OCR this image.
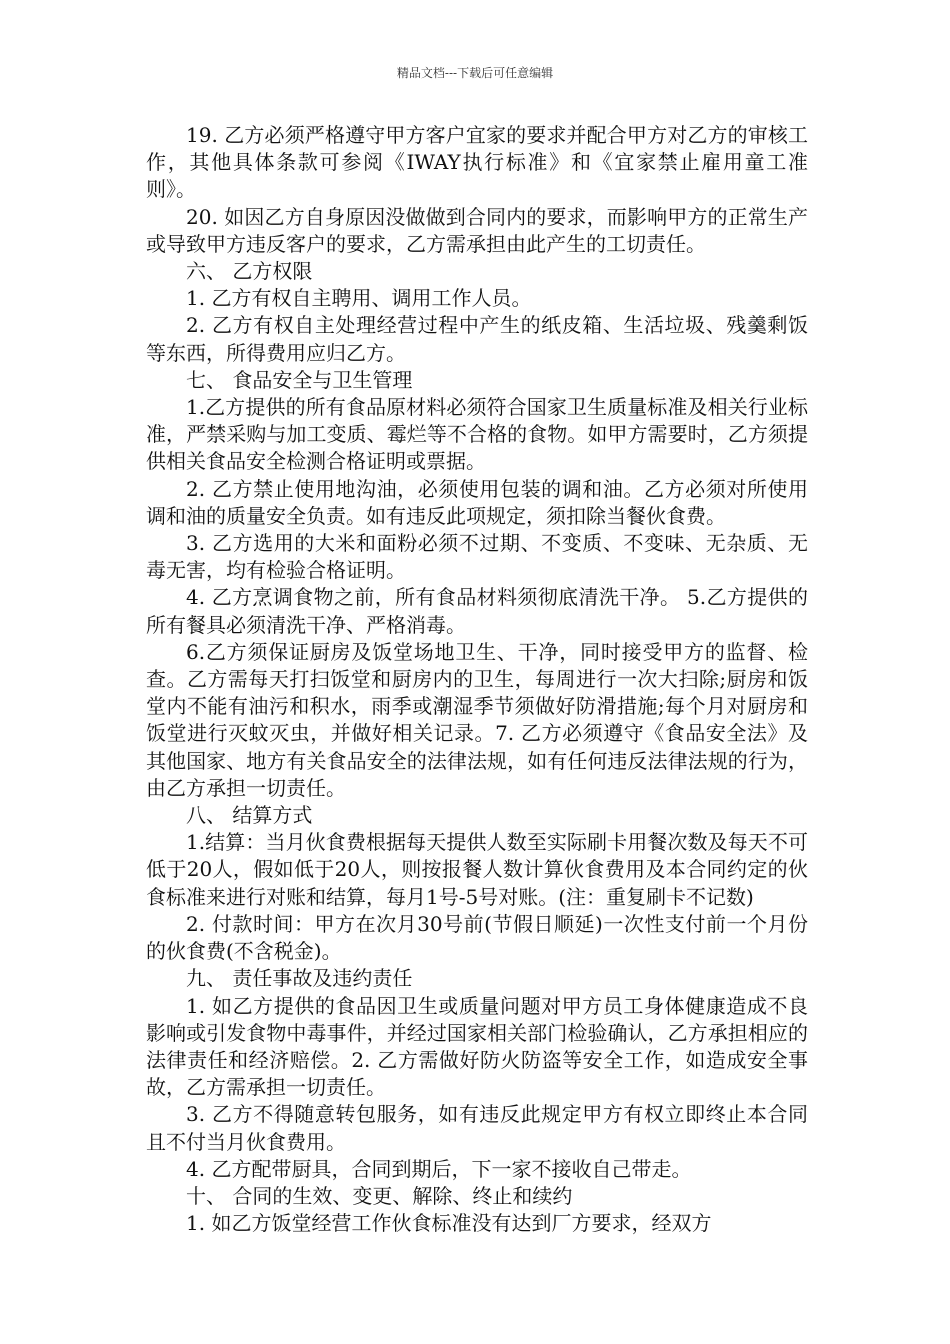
精品文档---下载后可任意编辑

19. 乙方必须严格遵守甲方客户宜家的要求并配合甲方对乙方的审核工作，其他具体条款可参阅《IWAY执行标准》和《宜家禁止雇用童工准则》。

20. 如因乙方自身原因没做做到合同内的要求，而影响甲方的正常生产或导致甲方违反客户的要求，乙方需承担由此产生的工切责任。

六、 乙方权限

1. 乙方有权自主聘用、调用工作人员。

2. 乙方有权自主处理经营过程中产生的纸皮箱、生活垃圾、残羹剩饭等东西，所得费用应归乙方。

七、 食品安全与卫生管理

1.乙方提供的所有食品原材料必须符合国家卫生质量标准及相关行业标准，严禁采购与加工变质、霉烂等不合格的食物。如甲方需要时，乙方须提供相关食品安全检测合格证明或票据。

2. 乙方禁止使用地沟油，必须使用包装的调和油。乙方必须对所使用调和油的质量安全负责。如有违反此项规定，须扣除当餐伙食费。

3. 乙方选用的大米和面粉必须不过期、不变质、不变味、无杂质、无毒无害，均有检验合格证明。

4. 乙方烹调食物之前，所有食品材料须彻底清洗干净。 5.乙方提供的所有餐具必须清洗干净、严格消毒。

6.乙方须保证厨房及饭堂场地卫生、干净，同时接受甲方的监督、检查。乙方需每天打扫饭堂和厨房内的卫生，每周进行一次大扫除;厨房和饭堂内不能有油污和积水，雨季或潮湿季节须做好防滑措施;每个月对厨房和饭堂进行灭蚊灭虫，并做好相关记录。7. 乙方必须遵守《食品安全法》及其他国家、地方有关食品安全的法律法规，如有任何违反法律法规的行为，由乙方承担一切责任。

八、 结算方式

1.结算：当月伙食费根据每天提供人数至实际刷卡用餐次数及每天不可低于20人，假如低于20人，则按报餐人数计算伙食费用及本合同约定的伙食标准来进行对账和结算，每月1号-5号对账。(注：重复刷卡不记数)

2. 付款时间：甲方在次月30号前(节假日顺延)一次性支付前一个月份的伙食费(不含税金)。

九、 责任事故及违约责任

1. 如乙方提供的食品因卫生或质量问题对甲方员工身体健康造成不良影响或引发食物中毒事件，并经过国家相关部门检验确认，乙方承担相应的法律责任和经济赔偿。2. 乙方需做好防火防盗等安全工作，如造成安全事故，乙方需承担一切责任。

3. 乙方不得随意转包服务，如有违反此规定甲方有权立即终止本合同且不付当月伙食费用。

4. 乙方配带厨具，合同到期后，下一家不接收自己带走。

十、 合同的生效、变更、解除、终止和续约

1. 如乙方饭堂经营工作伙食标准没有达到厂方要求，经双方
